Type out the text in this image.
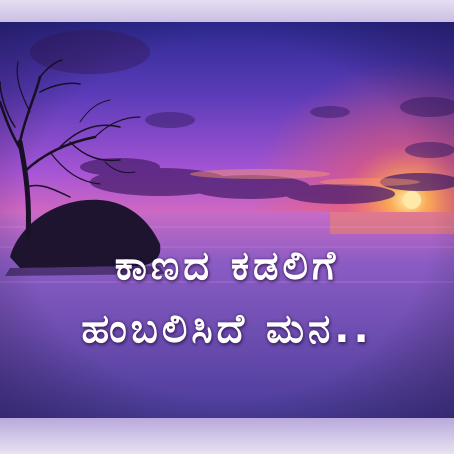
ಕಾಣದ ಕಡಲಿಗೆ
ಹಂಬಲಿಸಿದೆ ಮನ..
